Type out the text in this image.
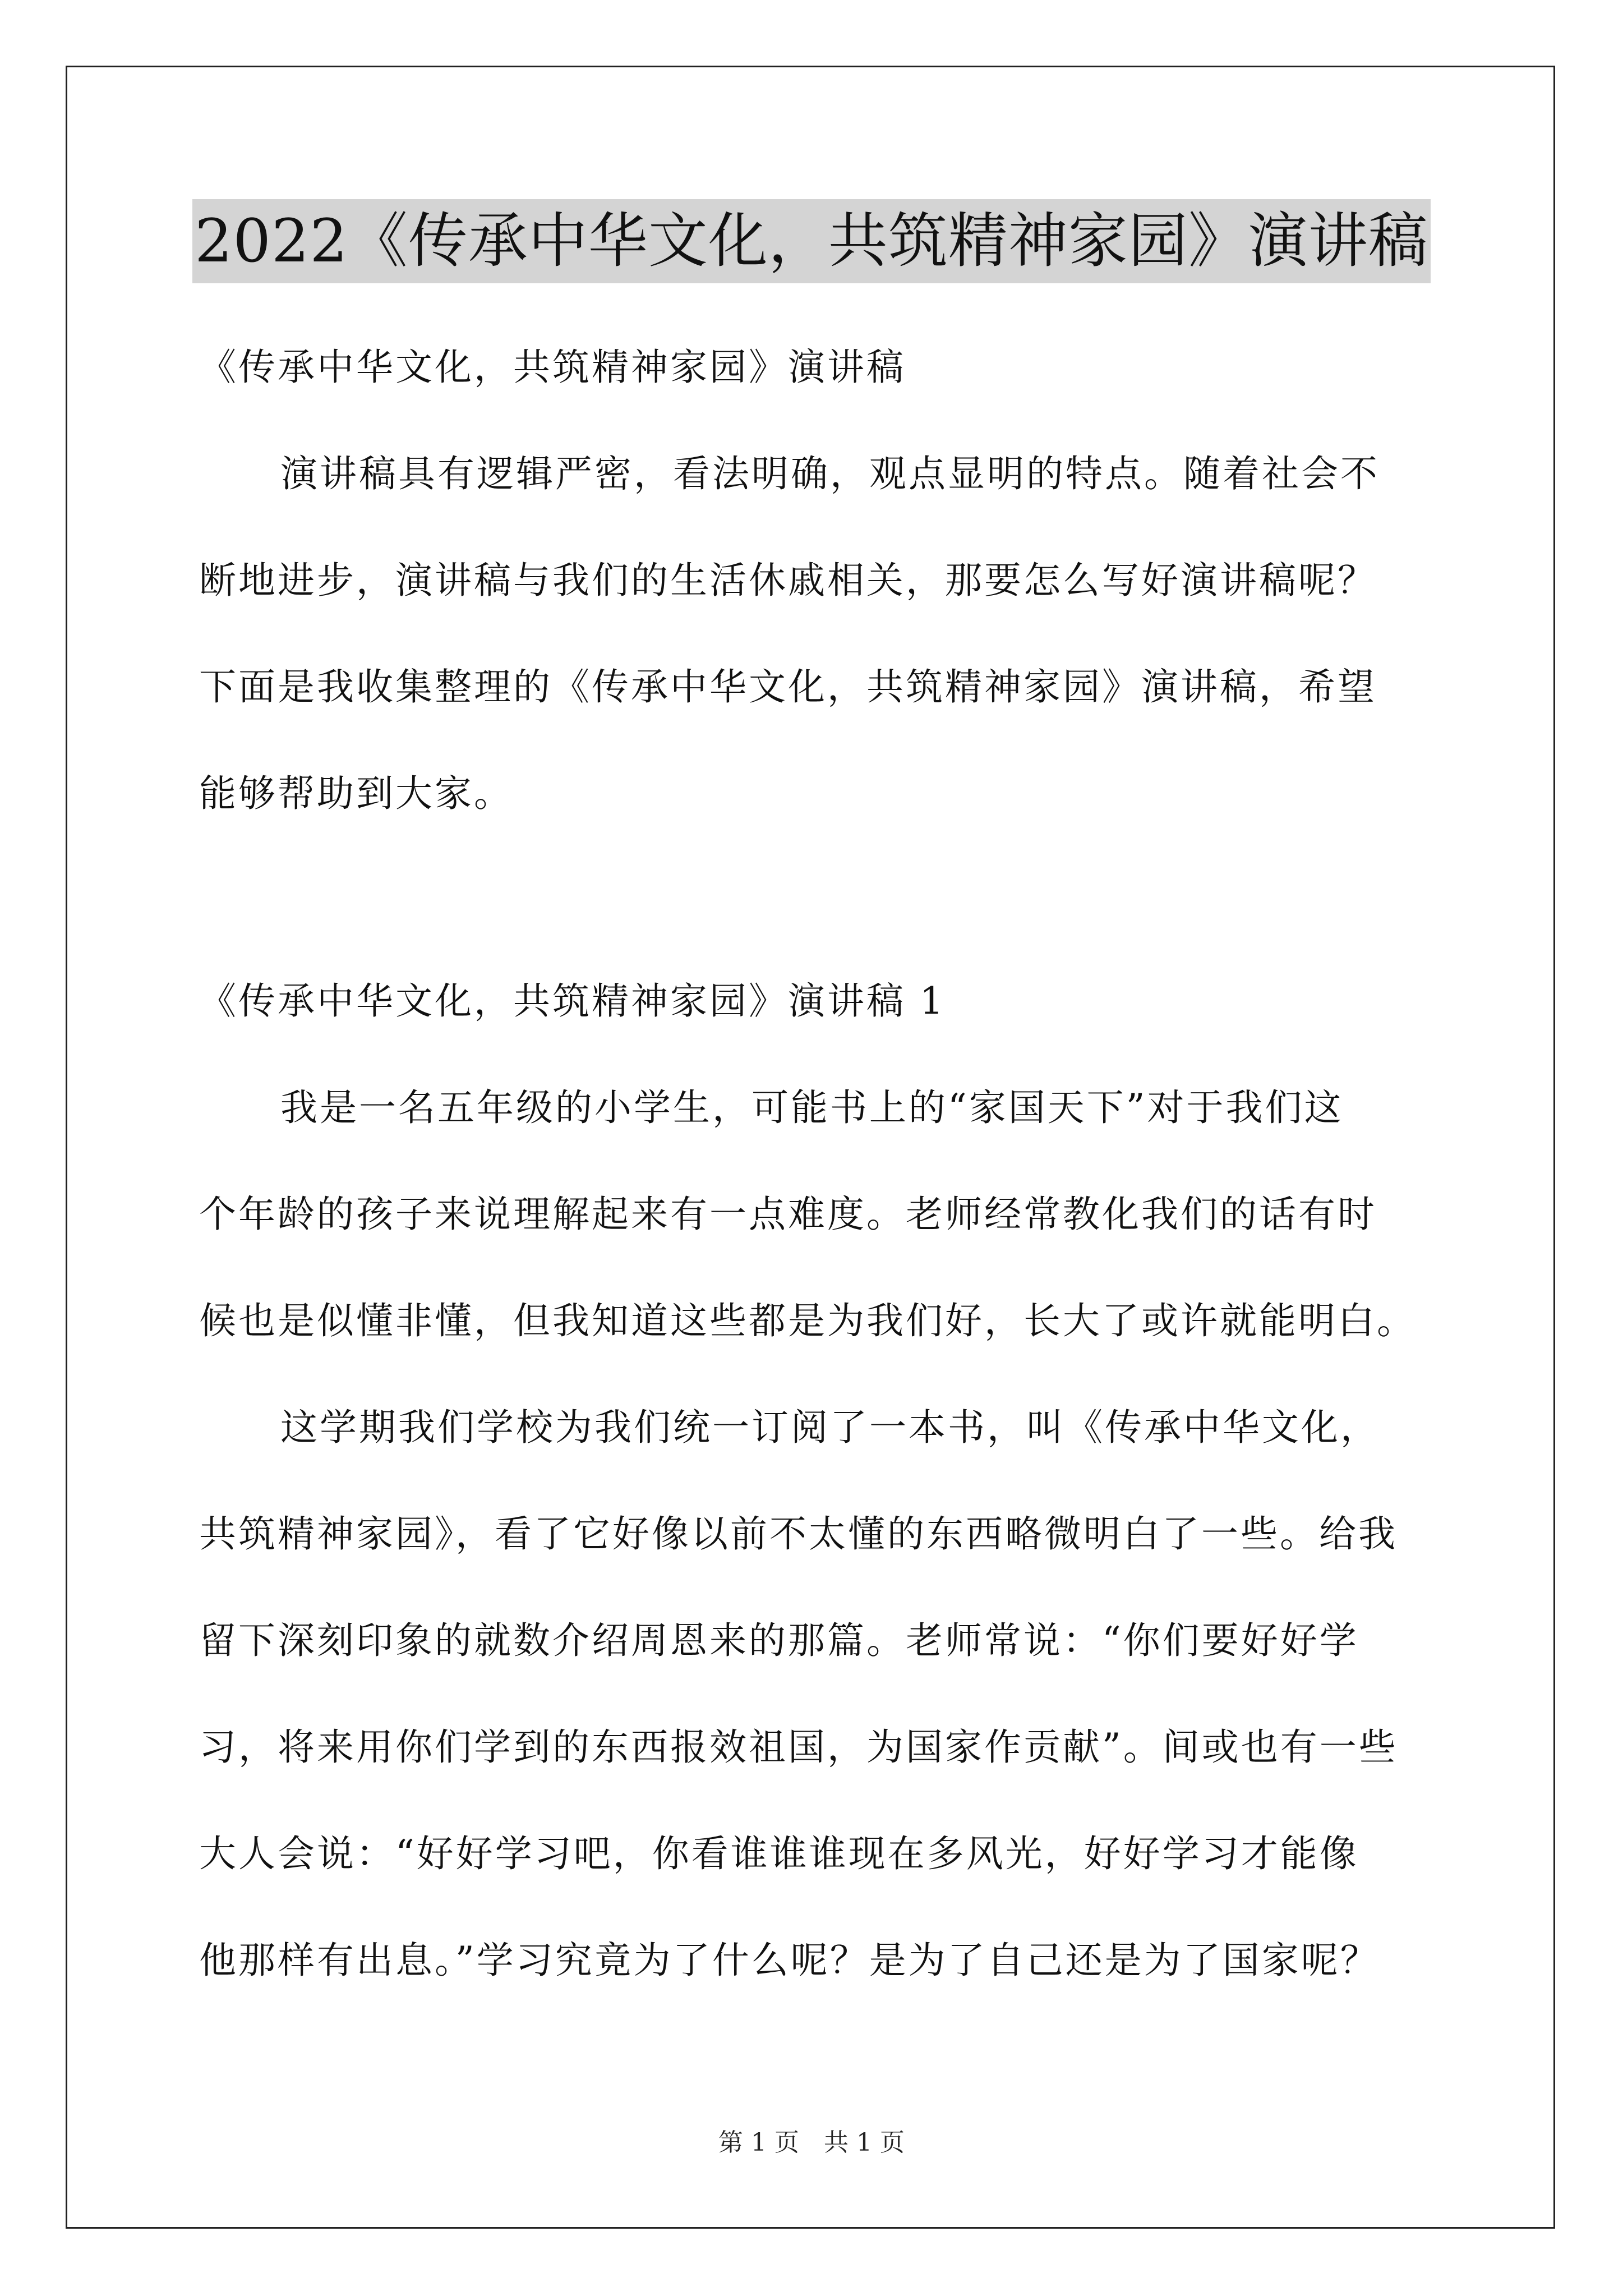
2022《传承中华文化，共筑精神家园》演讲稿
《传承中华文化，共筑精神家园》演讲稿
演讲稿具有逻辑严密，看法明确，观点显明的特点。随着社会不
断地进步，演讲稿与我们的生活休戚相关，那要怎么写好演讲稿呢？
下面是我收集整理的《传承中华文化，共筑精神家园》演讲稿，希望
能够帮助到大家。
《传承中华文化，共筑精神家园》演讲稿 1
我是一名五年级的小学生，可能书上的“家国天下”对于我们这
个年龄的孩子来说理解起来有一点难度。老师经常教化我们的话有时
候也是似懂非懂，但我知道这些都是为我们好，长大了或许就能明白。
这学期我们学校为我们统一订阅了一本书，叫《传承中华文化，
共筑精神家园》，看了它好像以前不太懂的东西略微明白了一些。给我
留下深刻印象的就数介绍周恩来的那篇。老师常说：“你们要好好学
习，将来用你们学到的东西报效祖国，为国家作贡献”。间或也有一些
大人会说：“好好学习吧，你看谁谁谁现在多风光，好好学习才能像
他那样有出息。”学习究竟为了什么呢？是为了自己还是为了国家呢？
第 1 页　共 1 页
